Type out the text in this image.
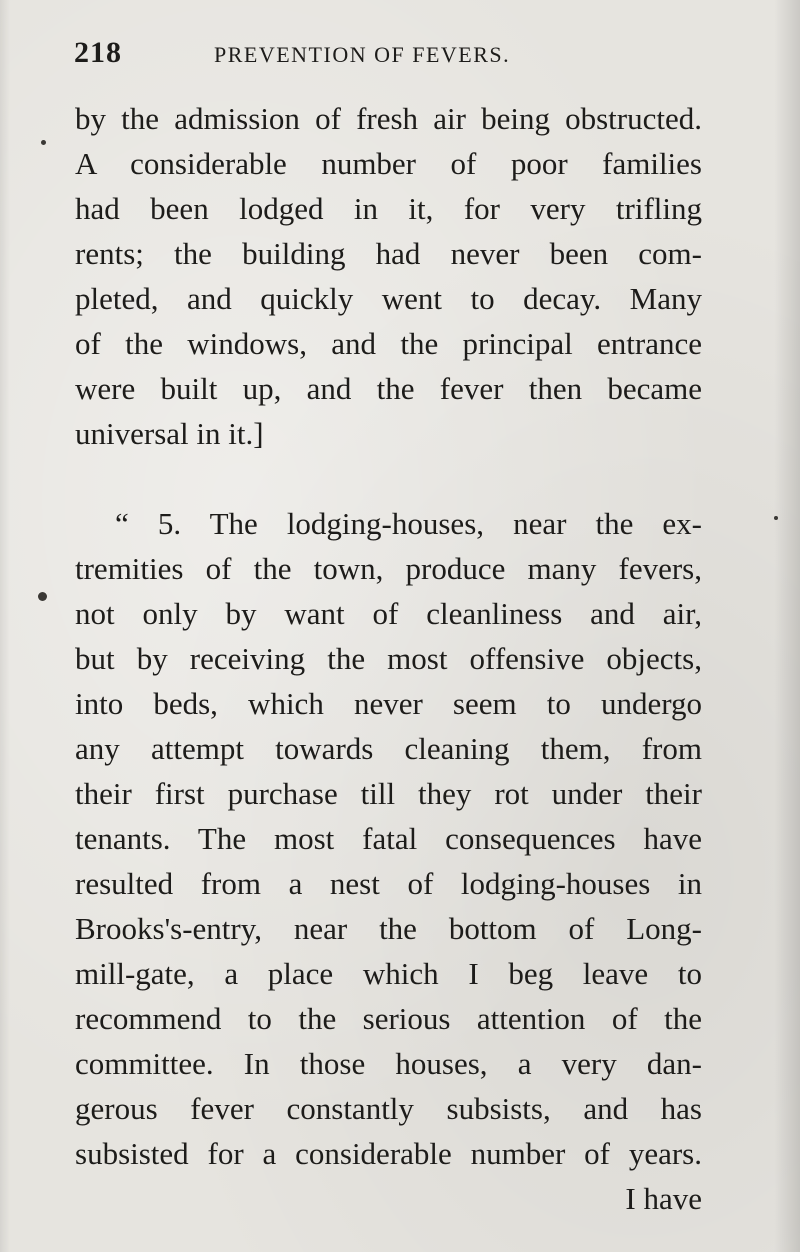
218	PREVENTION OF FEVERS.
by the admission of fresh air being obstructed.
A considerable number of poor families
had been lodged in it, for very trifling
rents; the building had never been com-
pleted, and quickly went to decay. Many
of the windows, and the principal entrance
were built up, and the fever then became
universal in it.]
“ 5. The lodging-houses, near the ex-
tremities of the town, produce many fevers,
not only by want of cleanliness and air,
but by receiving the most offensive objects,
into beds, which never seem to undergo
any attempt towards cleaning them, from
their first purchase till they rot under their
tenants. The most fatal consequences have
resulted from a nest of lodging-houses in
Brooks's-entry, near the bottom of Long-
mill-gate, a place which I beg leave to
recommend to the serious attention of the
committee. In those houses, a very dan-
gerous fever constantly subsists, and has
subsisted for a considerable number of years.
I have
